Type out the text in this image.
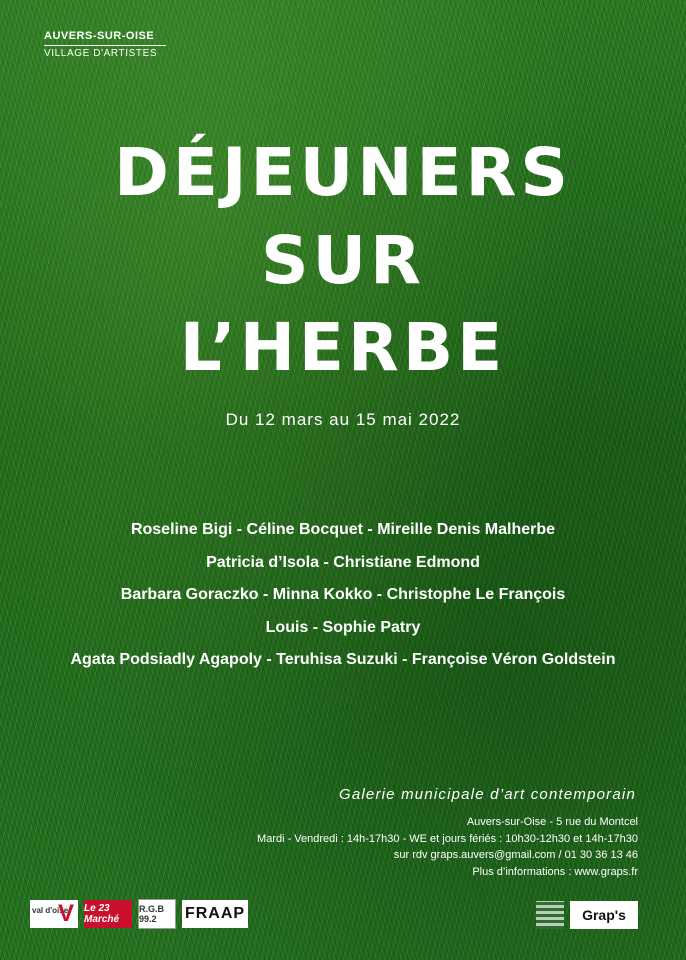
AUVERS-SUR-OISE
VILLAGE D'ARTISTES
DÉJEUNERS
SUR
L’HERBE
Du 12 mars au 15 mai 2022
Roseline Bigi - Céline Bocquet - Mireille Denis Malherbe
Patricia d’Isola - Christiane Edmond
Barbara Goraczko - Minna Kokko - Christophe Le François
Louis - Sophie Patry
Agata Podsiadly Agapoly - Teruhisa Suzuki - Françoise Véron Goldstein
Galerie municipale d’art contemporain
Auvers-sur-Oise - 5 rue du Montcel
Mardi - Vendredi : 14h-17h30 - WE et jours fériés : 10h30-12h30 et 14h-17h30
sur rdv graps.auvers@gmail.com / 01 30 36 13 46
Plus d’informations : www.graps.fr
val d'oise
V Le 23 Marché
R.G.B 99.2	FRAAP	Grap's
